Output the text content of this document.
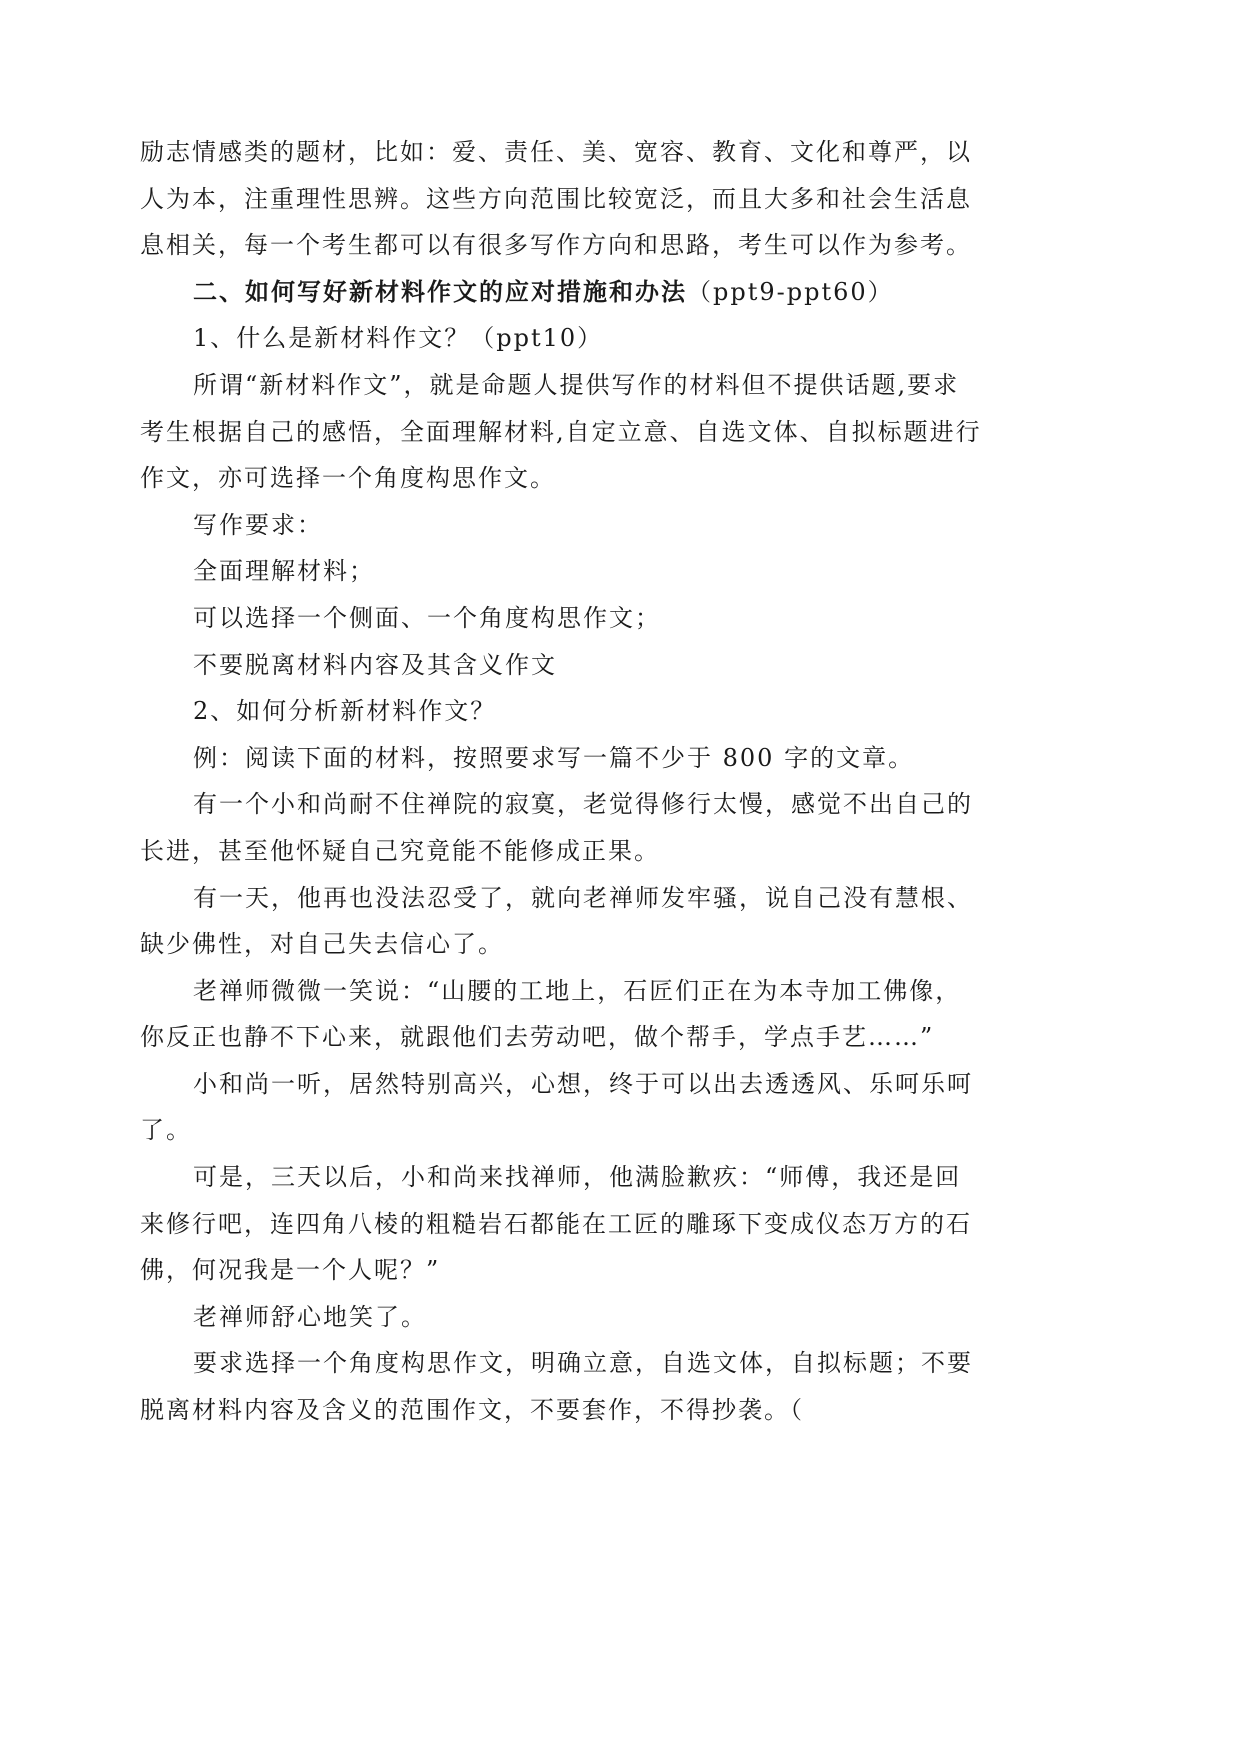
励志情感类的题材，比如：爱、责任、美、宽容、教育、文化和尊严，以
人为本，注重理性思辨。这些方向范围比较宽泛，而且大多和社会生活息
息相关，每一个考生都可以有很多写作方向和思路，考生可以作为参考。
二、如何写好新材料作文的应对措施和办法（ppt9-ppt60）
1、什么是新材料作文？（ppt10）
所谓“新材料作文”，就是命题人提供写作的材料但不提供话题,要求
考生根据自己的感悟，全面理解材料,自定立意、自选文体、自拟标题进行
作文，亦可选择一个角度构思作文。
写作要求：
全面理解材料；
可以选择一个侧面、一个角度构思作文；
不要脱离材料内容及其含义作文
2、如何分析新材料作文？
例：阅读下面的材料，按照要求写一篇不少于 800 字的文章。
有一个小和尚耐不住禅院的寂寞，老觉得修行太慢，感觉不出自己的
长进，甚至他怀疑自己究竟能不能修成正果。
有一天，他再也没法忍受了，就向老禅师发牢骚，说自己没有慧根、
缺少佛性，对自己失去信心了。
老禅师微微一笑说：“山腰的工地上，石匠们正在为本寺加工佛像，
你反正也静不下心来，就跟他们去劳动吧，做个帮手，学点手艺……”
小和尚一听，居然特别高兴，心想，终于可以出去透透风、乐呵乐呵
了。
可是，三天以后，小和尚来找禅师，他满脸歉疚：“师傅，我还是回
来修行吧，连四角八棱的粗糙岩石都能在工匠的雕琢下变成仪态万方的石
佛，何况我是一个人呢？”
老禅师舒心地笑了。
要求选择一个角度构思作文，明确立意，自选文体，自拟标题；不要
脱离材料内容及含义的范围作文，不要套作，不得抄袭。（
